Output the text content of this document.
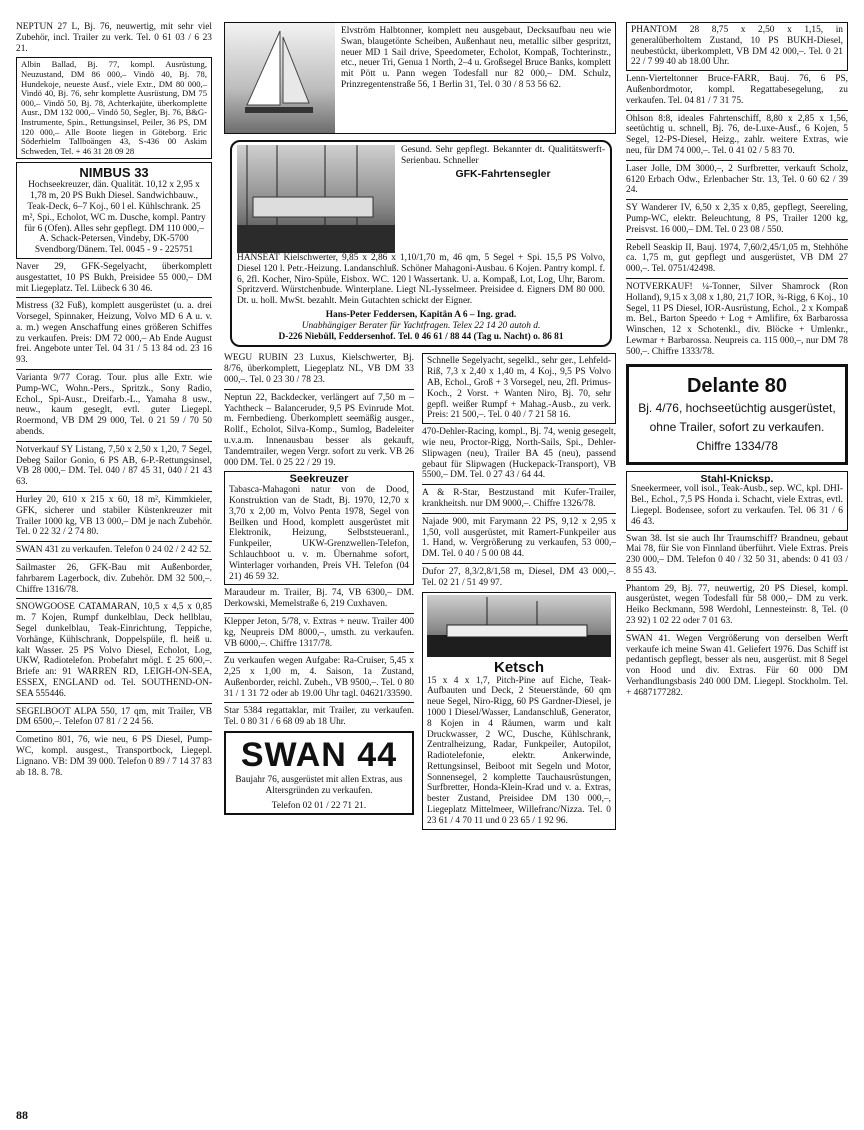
NEPTUN 27 L, Bj. 76, neuwertig, mit sehr viel Zubehör, incl. Trailer zu verk. Tel. 0 61 03 / 6 23 21.

Albin Ballad, Bj. 77, kompl. Ausrüstung, Neuzustand, DM 86 000,– Vindö 40, Bj. 78, Hundekoje, neueste Ausf., viele Extr., DM 80 000,– Vindö 40, Bj. 76, sehr komplette Ausrüstung, DM 75 000,– Vindö 50, Bj. 78, Achterkajüte, überkomplette Ausr., DM 132 000,– Vindö 50, Segler, Bj. 76, B&G-Instrumente, Spin., Rettungsinsel, Peiler, 36 PS, DM 120 000,– Alle Boote liegen in Göteborg. Eric Söderhielm Tallboängen 43, S-436 00 Askim Schweden, Tel. + 46 31 28 09 28

NIMBUS 33

Hochseekreuzer, dän. Qualität. 10,12 x 2,95 x 1,78 m, 20 PS Bukh Diesel. Sandwichbauw., Teak-Deck, 6–7 Koj., 60 l el. Kühlschrank. 25 m², Spi., Echolot, WC m. Dusche, kompl. Pantry für 6 (Ofen). Alles sehr gepflegt. DM 110 000,– A. Schack-Petersen, Vindeby, DK-5700 Svendborg/Dänem. Tel. 0045 - 9 - 225751

Naver 29, GFK-Segelyacht, überkomplett ausgestattet, 10 PS Bukh, Preisidee 55 000,– DM mit Liegeplatz. Tel. Lübeck 6 30 46.

Mistress (32 Fuß), komplett ausgerüstet (u. a. drei Vorsegel, Spinnaker, Heizung, Volvo MD 6 A u. v. a. m.) wegen Anschaffung eines größeren Schiffes zu verkaufen. Preis: DM 72 000,– Ab Ende August frei. Angebote unter Tel. 04 31 / 5 13 84 od. 23 16 93.

Varianta 9/77 Corag. Tour. plus alle Extr. wie Pump-WC, Wohn.-Pers., Spritzk., Sony Radio, Echol., Spi-Ausr., Dreifarb.-L., Yamaha 8 usw., neuw., kaum geseglt, evtl. guter Liegepl. Roermond, VB DM 29 000, Tel. 0 21 59 / 70 50 abends.

Notverkauf SY Listang, 7,50 x 2,50 x 1,20, 7 Segel, Debeg Sailor Gonio, 6 PS AB, 6-P.-Rettungsinsel, VB 28 000,– DM. Tel. 040 / 87 45 31, 040 / 21 43 63.

Hurley 20, 610 x 215 x 60, 18 m², Kimmkieler, GFK, sicherer und stabiler Küstenkreuzer mit Trailer 1000 kg, VB 13 000,– DM je nach Zubehör. Tel. 0 22 32 / 2 74 80.

SWAN 431 zu verkaufen. Telefon 0 24 02 / 2 42 52.

Sailmaster 26, GFK-Bau mit Außenborder, fahrbarem Lagerbock, div. Zubehör. DM 32 500,–. Chiffre 1316/78.

SNOWGOOSE CATAMARAN, 10,5 x 4,5 x 0,85 m. 7 Kojen, Rumpf dunkelblau, Deck hellblau, Segel dunkelblau, Teak-Einrichtung, Teppiche, Vorhänge, Kühlschrank, Doppelspüle, fl. heiß u. kalt Wasser. 25 PS Volvo Diesel, Echolot, Log, UKW, Radiotelefon. Probefahrt mögl. £ 25 600,–. Briefe an: 91 WARREN RD, LEIGH-ON-SEA, ESSEX, ENGLAND od. Tel. SOUTHEND-ON-SEA 555446.

SEGELBOOT ALPA 550, 17 qm, mit Trailer, VB DM 6500,–. Telefon 07 81 / 2 24 56.

Cometino 801, 76, wie neu, 6 PS Diesel, Pump-WC, kompl. ausgest., Transportbock, Liegepl. Lignano. VB: DM 39 000. Telefon 0 89 / 7 14 37 83 ab 18. 8. 78.

Elvström Halbtonner, komplett neu ausgebaut, Decksaufbau neu wie Swan, blaugetönte Scheiben, Außenhaut neu, metallic silber gespritzt, neuer MD 1 Sail drive, Speedometer, Echolot, Kompaß, Tochterinstr., etc., neuer Tri, Genua 1 North, 2–4 u. Großsegel Bruce Banks, komplett mit Pött u. Pann wegen Todesfall nur 82 000,– DM. Schulz, Prinzregentenstraße 56, 1 Berlin 31, Tel. 0 30 / 8 53 56 62.

Gesund. Sehr gepflegt. Bekannter dt. Qualitätswerft-Serienbau. Schneller

GFK-Fahrtensegler

HANSEAT Kielschwerter, 9,85 x 2,86 x 1,10/1,70 m, 46 qm, 5 Segel + Spi. 15,5 PS Volvo, Diesel 120 l. Petr.-Heizung. Landanschluß. Schöner Mahagoni-Ausbau. 6 Kojen. Pantry kompl. f. 6, 2fl. Kocher, Niro-Spüle, Eisbox. WC. 120 l Wassertank. U. a. Kompaß, Lot, Log, Uhr, Barom. Spritzverd. Würstchenbude. Winterplane. Liegt NL-Iysselmeer. Preisidee d. Eigners DM 80 000. Dt. u. holl. MwSt. bezahlt. Mein Gutachten schickt der Eigner.

Hans-Peter Feddersen, Kapitän A 6 – Ing. grad.

Unabhängiger Berater für Yachtfragen. Telex 22 14 20 autoh d.

D-226 Niebüll, Feddersenhof. Tel. 0 46 61 / 88 44 (Tag u. Nacht) o. 86 81

WEGU RUBIN 23 Luxus, Kielschwerter, Bj. 8/76, überkomplett, Liegeplatz NL, VB DM 33 000,–. Tel. 0 23 30 / 78 23.

Neptun 22, Backdecker, verlängert auf 7,50 m – Yachtheck – Balanceruder, 9,5 PS Evinrude Mot. m. Fernbedieng. Überkomplett seemäßig ausger., Rollf., Echolot, Silva-Komp., Sumlog, Badeleiter u.v.a.m. Innenausbau besser als gekauft, Tandemtrailer, wegen Vergr. sofort zu verk. VB 26 000 DM. Tel. 0 25 22 / 29 19.

Seekreuzer

Tabasca-Mahagoni natur von de Dood, Konstruktion van de Stadt, Bj. 1970, 12,70 x 3,70 x 2,00 m, Volvo Penta 1978, Segel von Beilken und Hood, komplett ausgerüstet mit Elektronik, Heizung, Selbststeueranl., Funkpeiler, UKW-Grenzwellen-Telefon, Schlauchboot u. v. m. Übernahme sofort, Winterlager vorhanden, Preis VH. Telefon (04 21) 46 59 32.

Maraudeur m. Trailer, Bj. 74, VB 6300,– DM. Derkowski, Memelstraße 6, 219 Cuxhaven.

Klepper Jeton, 5/78, v. Extras + neuw. Trailer 400 kg, Neupreis DM 8000,–, umsth. zu verkaufen. VB 6000,–. Chiffre 1317/78.

Zu verkaufen wegen Aufgabe: Ra-Cruiser, 5,45 x 2,25 x 1,00 m, 4. Saison, 1a Zustand, Außenborder, reichl. Zubeh., VB 9500,–. Tel. 0 80 31 / 1 31 72 oder ab 19.00 Uhr tagl. 04621/33590.

Star 5384 regattaklar, mit Trailer, zu verkaufen. Tel. 0 80 31 / 6 68 09 ab 18 Uhr.

SWAN 44

Baujahr 76, ausgerüstet mit allen Extras, aus Altersgründen zu verkaufen.

Telefon 02 01 / 22 71 21.

Schnelle Segelyacht, segelkl., sehr ger., Lehfeld-Riß, 7,3 x 2,40 x 1,40 m, 4 Koj., 9,5 PS Volvo AB, Echol., Groß + 3 Vorsegel, neu, 2fl. Primus-Koch., 2 Vorst. + Wanten Niro, Bj. 70, sehr gepfl. weißer Rumpf + Mahag.-Ausb., zu verk. Preis: 21 500,–. Tel. 0 40 / 7 21 58 16.

470-Dehler-Racing, kompl., Bj. 74, wenig gesegelt, wie neu, Proctor-Rigg, North-Sails, Spi., Dehler-Slipwagen (neu), Trailer BA 45 (neu), passend gebaut für Slipwagen (Huckepack-Transport), VB 5500,– DM. Tel. 0 27 43 / 64 44.

A & R-Star, Bestzustand mit Kufer-Trailer, krankheitsh. nur DM 9000,–. Chiffre 1326/78.

Najade 900, mit Farymann 22 PS, 9,12 x 2,95 x 1,50, voll ausgerüstet, mit Ramert-Funkpeiler aus 1. Hand, w. Vergrößerung zu verkaufen, 53 000,– DM. Tel. 0 40 / 5 00 08 44.

Dufor 27, 8,3/2,8/1,58 m, Diesel, DM 43 000,–. Tel. 02 21 / 51 49 97.

Ketsch

15 x 4 x 1,7, Pitch-Pine auf Eiche, Teak-Aufbauten und Deck, 2 Steuerstände, 60 qm neue Segel, Niro-Rigg, 60 PS Gardner-Diesel, je 1000 l Diesel/Wasser, Landanschluß, Generator, 8 Kojen in 4 Räumen, warm und kalt Druckwasser, 2 WC, Dusche, Kühlschrank, Zentralheizung, Radar, Funkpeiler, Autopilot, Radiotelefonie, elektr. Ankerwinde, Rettungsinsel, Beiboot mit Segeln und Motor, Sonnensegel, 2 komplette Tauchausrüstungen, Surfbretter, Honda-Klein-Krad und v. a. Extras, bester Zustand, Preisidee DM 130 000,–, Liegeplatz Mittelmeer, Willefranc/Nizza. Tel. 0 23 61 / 4 70 11 und 0 23 65 / 1 92 96.

PHANTOM 28 8,75 x 2,50 x 1,15, in generalüberholtem Zustand, 10 PS BUKH-Diesel, neubestückt, überkomplett, VB DM 42 000,–. Tel. 0 21 22 / 7 99 40 ab 18.00 Uhr.

Lenn-Vierteltonner Bruce-FARR, Bauj. 76, 6 PS, Außenbordmotor, kompl. Regattabesegelung, zu verkaufen. Tel. 04 81 / 7 31 75.

Ohlson 8:8, ideales Fahrtenschiff, 8,80 x 2,85 x 1,56, seetüchtig u. schnell, Bj. 76, de-Luxe-Ausf., 6 Kojen, 5 Segel, 12-PS-Diesel, Heizg., zahlr. weitere Extras, wie neu, für DM 74 000,–. Tel. 0 41 02 / 5 83 70.

Laser Jolle, DM 3000,–, 2 Surfbretter, verkauft Scholz, 6120 Erbach Odw., Erlenbacher Str. 13, Tel. 0 60 62 / 39 24.

SY Wanderer IV, 6,50 x 2,35 x 0,85, gepflegt, Seereling, Pump-WC, elektr. Beleuchtung, 8 PS, Trailer 1200 kg, Preisvst. 16 000,– DM. Tel. 0 23 08 / 550.

Rebell Seaskip II, Bauj. 1974, 7,60/2,45/1,05 m, Stehhöhe ca. 1,75 m, gut gepflegt und ausgerüstet, VB DM 27 000,–. Tel. 0751/42498.

NOTVERKAUF! ¼-Tonner, Silver Shamrock (Ron Holland), 9,15 x 3,08 x 1,80, 21,7 IOR, ¾-Rigg, 6 Koj., 10 Segel, 11 PS Diesel, IOR-Ausrüstung, Echol., 2 x Kompaß m. Bel., Barton Speedo + Log + Amlifire, 6x Barbarossa Winschen, 12 x Schotenkl., div. Blöcke + Umlenkr., Lewmar + Barbarossa. Neupreis ca. 115 000,–, nur DM 78 500,–. Chiffre 1333/78.

Delante 80

Bj. 4/76, hochseetüchtig ausgerüstet, ohne Trailer, sofort zu verkaufen. Chiffre 1334/78

Stahl-Knicksp.

Sneekermeer, voll isol., Teak-Ausb., sep. WC, kpl. DHI-Bel., Echol., 7,5 PS Honda i. Schacht, viele Extras, evtl. Liegepl. Bodensee, sofort zu verkaufen. Tel. 06 31 / 6 46 43.

Swan 38. Ist sie auch Ihr Traumschiff? Brandneu, gebaut Mai 78, für Sie von Finnland überführt. Viele Extras. Preis 230 000,– DM. Telefon 0 40 / 32 50 31, abends: 0 41 03 / 8 55 43.

Phantom 29, Bj. 77, neuwertig, 20 PS Diesel, kompl. ausgerüstet, wegen Todesfall für 58 000,– DM zu verk. Heiko Beckmann, 598 Werdohl, Lennesteinstr. 8, Tel. (0 23 92) 1 02 22 oder 7 01 63.

SWAN 41. Wegen Vergrößerung von derselben Werft verkaufe ich meine Swan 41. Geliefert 1976. Das Schiff ist pedantisch gepflegt, besser als neu, ausgerüst. mit 8 Segel von Hood und div. Extras. Für 60 000 DM Verhandlungsbasis 240 000 DM. Liegepl. Stockholm. Tel. + 4687177282.

88
